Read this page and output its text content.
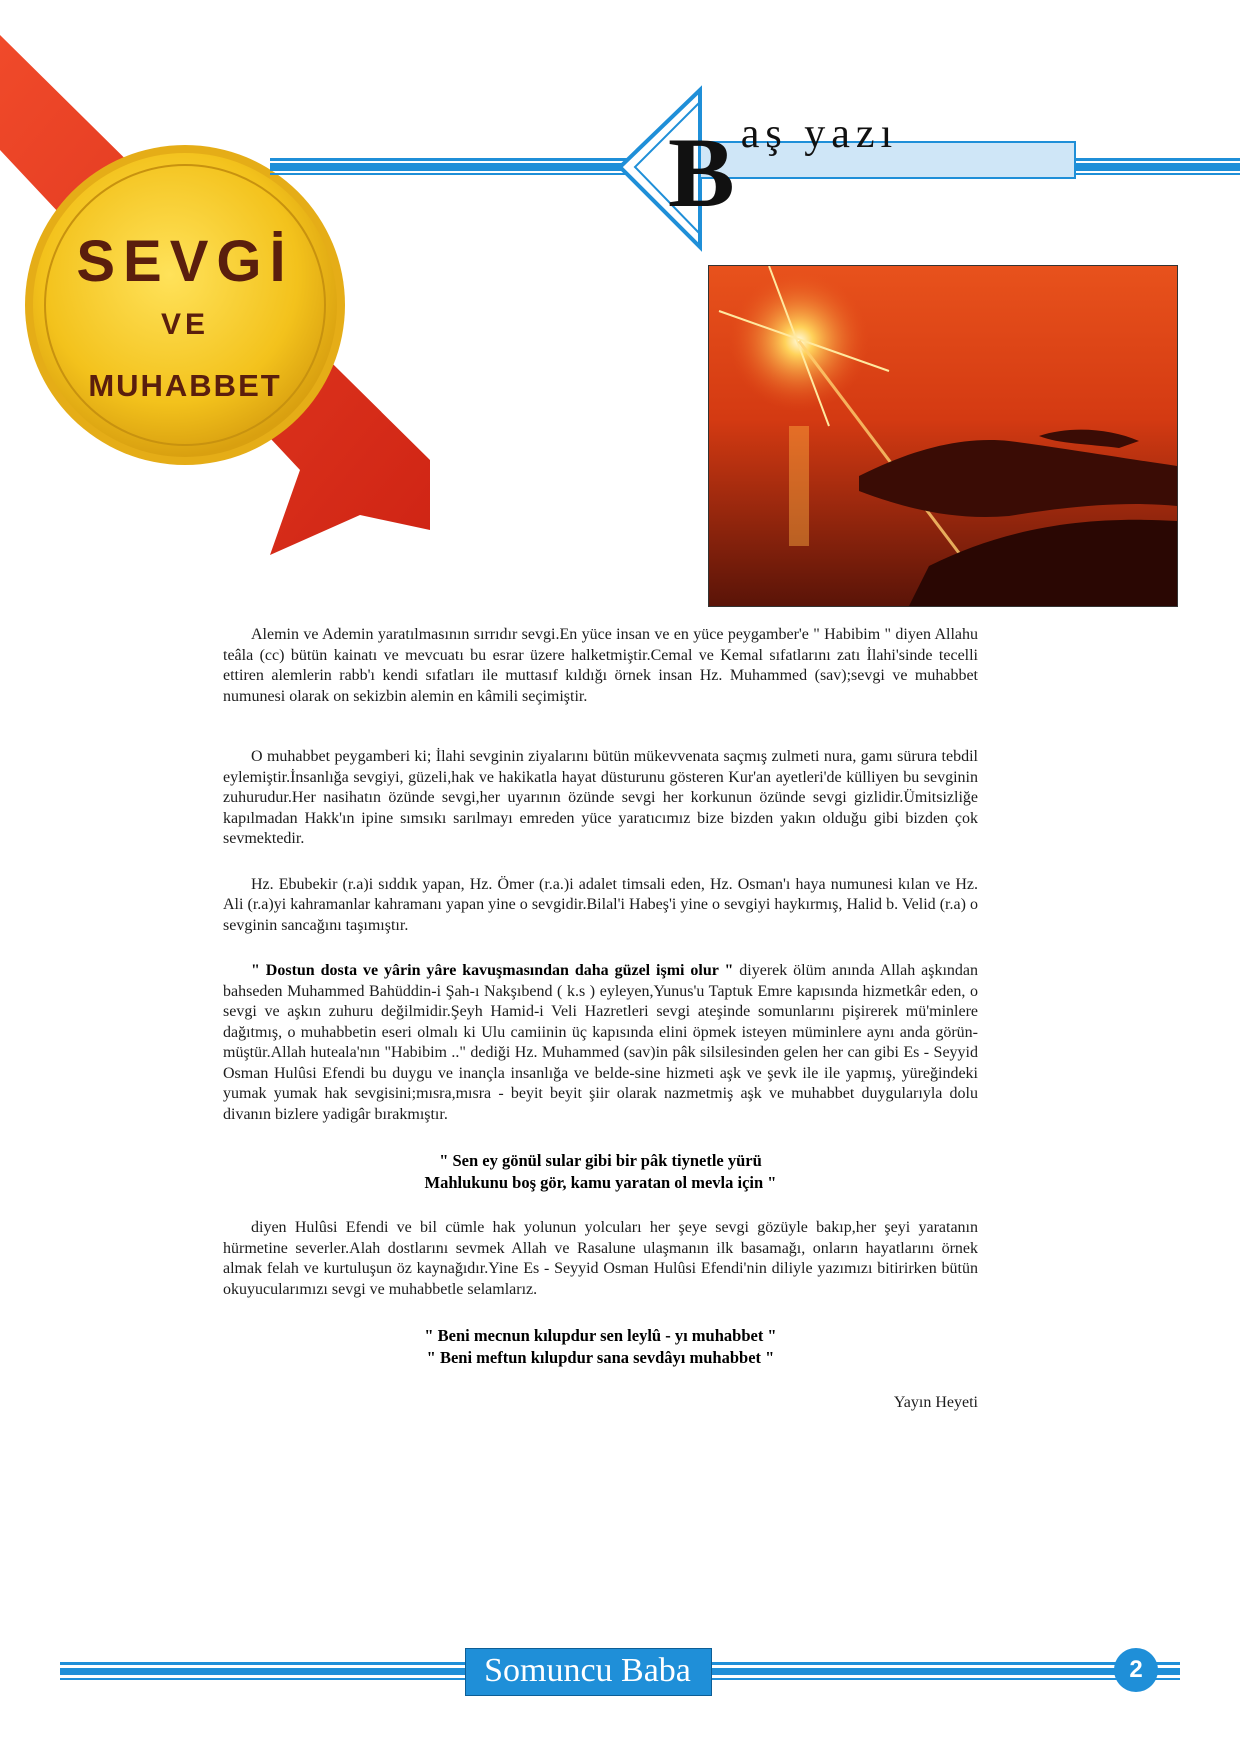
SEVGİ
VE
MUHABBET
Baş yazı

Alemin ve Ademin yaratılmasının sırrıdır sevgi.En yüce insan ve en yüce peygamber'e " Habibim " diyen Allahu teâla (cc) bütün kainatı ve mevcuatı bu esrar üzere halketmiştir.Cemal ve Kemal sıfatlarını zatı İlahi'sinde tecelli ettiren alemlerin rabb'ı kendi sıfatları ile muttasıf kıldığı örnek insan Hz. Muhammed (sav);sevgi ve muhabbet numunesi olarak on sekizbin alemin en kâmili seçimiştir.

O muhabbet peygamberi ki; İlahi sevginin ziyalarını bütün mükevvenata saçmış zulmeti nura, gamı sürura tebdil eylemiştir.İnsanlığa sevgiyi, güzeli,hak ve hakikatla hayat düsturunu gösteren Kur'an ayetleri'de külliyen bu sevginin zuhurudur.Her nasihatın özünde sevgi,her uyarının özünde sevgi her korkunun özünde sevgi gizlidir.Ümitsizliğe kapılmadan Hakk'ın ipine sımsıkı sarılmayı emreden yüce yaratıcımız bize bizden yakın olduğu gibi bizden çok sevmektedir.

Hz. Ebubekir (r.a)i sıddık yapan, Hz. Ömer (r.a.)i adalet timsali eden, Hz. Osman'ı haya numunesi kılan ve Hz. Ali (r.a)yi kahramanlar kahramanı yapan yine o sevgidir.Bilal'i Habeş'i yine o sevgiyi haykırmış, Halid b. Velid (r.a) o sevginin sancağını taşımıştır.

" Dostun dosta ve yârin yâre kavuşmasından daha güzel işmi olur " diyerek ölüm anında Allah aşkından bahseden Muhammed Bahüddin-i Şah-ı Nakşıbend ( k.s ) eyleyen,Yunus'u Taptuk Emre kapısında hizmetkâr eden, o sevgi ve aşkın zuhuru değilmidir.Şeyh Hamid-i Veli Hazretleri sevgi ateşinde somunlarını pişirerek mü'minlere dağıtmış, o muhabbetin eseri olmalı ki Ulu camiinin üç kapısında elini öpmek isteyen müminlere aynı anda görün-müştür.Allah huteala'nın "Habibim .." dediği Hz. Muhammed (sav)in pâk silsilesinden gelen her can gibi Es - Seyyid Osman Hulûsi Efendi bu duygu ve inançla insanlığa ve belde-sine hizmeti aşk ve şevk ile ile yapmış, yüreğindeki yumak yumak hak sevgisini;mısra,mısra - beyit beyit şiir olarak nazmetmiş aşk ve muhabbet duygularıyla dolu divanın bizlere yadigâr bırakmıştır.

" Sen ey gönül sular gibi bir pâk tiynetle yürü
Mahlukunu boş gör, kamu yaratan ol mevla için "

diyen Hulûsi Efendi ve bil cümle hak yolunun yolcuları her şeye sevgi gözüyle bakıp,her şeyi yaratanın hürmetine severler.Alah dostlarını sevmek Allah ve Rasalune ulaşmanın ilk basamağı, onların hayatlarını örnek almak felah ve kurtuluşun öz kaynağıdır.Yine Es - Seyyid Osman Hulûsi Efendi'nin diliyle yazımızı bitirirken bütün okuyucularımızı sevgi ve muhabbetle selamlarız.

" Beni mecnun kılupdur sen leylû - yı muhabbet "
" Beni meftun kılupdur sana sevdâyı muhabbet "
Yayın Heyeti
Somuncu Baba	2
